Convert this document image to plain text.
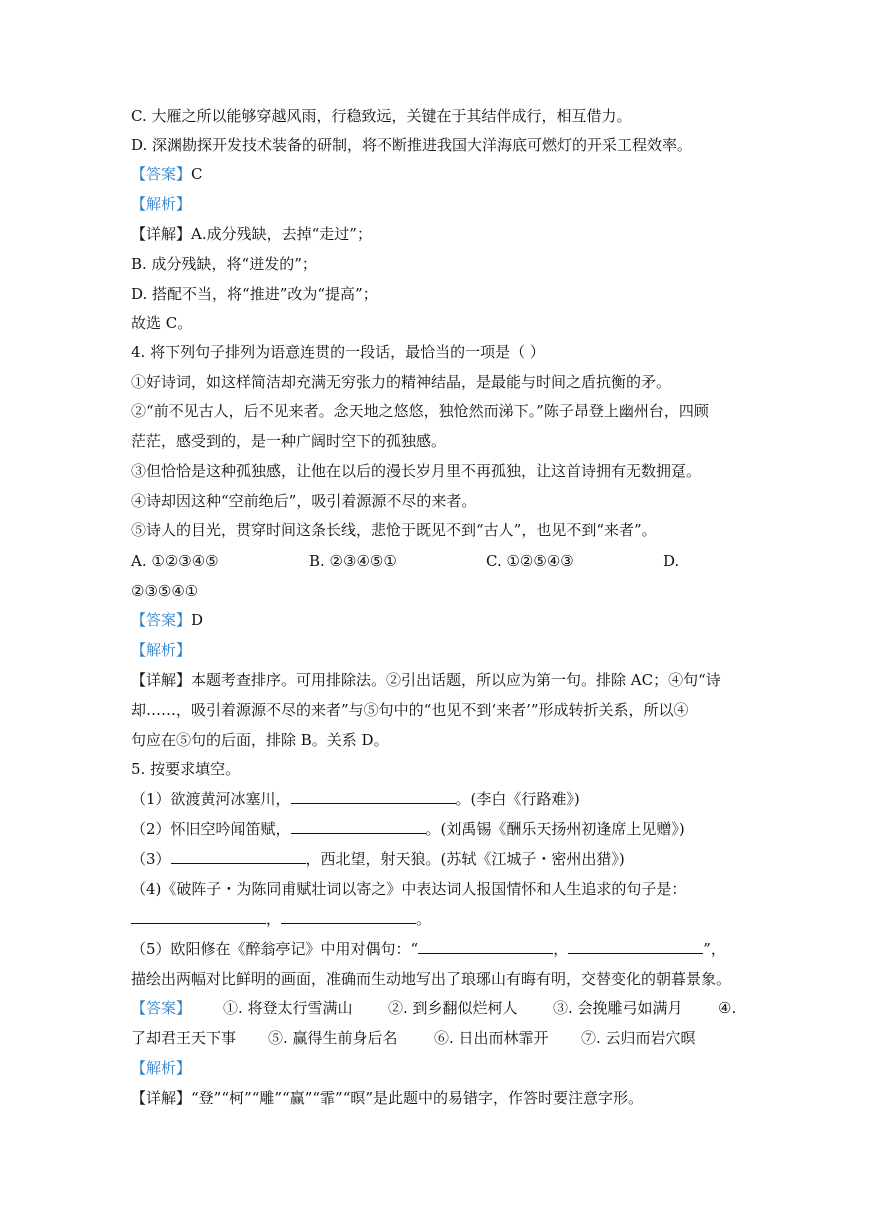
C. 大雁之所以能够穿越风雨，行稳致远，关键在于其结伴成行，相互借力。
D. 深渊勘探开发技术装备的研制，将不断推进我国大洋海底可燃灯的开采工程效率。
【答案】C
【解析】
【详解】A.成分残缺，去掉“走过”；
B. 成分残缺，将“迸发的”；
D. 搭配不当，将“推进”改为“提高”；
故选 C。
4. 将下列句子排列为语意连贯的一段话，最恰当的一项是（ ）
①好诗词，如这样简洁却充满无穷张力的精神结晶，是最能与时间之盾抗衡的矛。
②“前不见古人，后不见来者。念天地之悠悠，独怆然而涕下。”陈子昂登上幽州台，四顾
茫茫，感受到的，是一种广阔时空下的孤独感。
③但恰恰是这种孤独感，让他在以后的漫长岁月里不再孤独，让这首诗拥有无数拥趸。
④诗却因这种“空前绝后”，吸引着源源不尽的来者。
⑤诗人的目光，贯穿时间这条长线，悲怆于既见不到“古人”，也见不到“来者”。
A. ①②③④⑤	B. ②③④⑤①	C. ①②⑤④③	D.
②③⑤④①
【答案】D
【解析】
【详解】本题考查排序。可用排除法。②引出话题，所以应为第一句。排除 AC；④句“诗
却……，吸引着源源不尽的来者”与⑤句中的“也见不到‘来者’”形成转折关系，所以④
句应在⑤句的后面，排除 B。关系 D。
5. 按要求填空。
（1）欲渡黄河冰塞川，	。(李白《行路难》)
（2）怀旧空吟闻笛赋，	。(刘禹锡《酬乐天扬州初逢席上见赠》)
（3）	，西北望，射天狼。(苏轼《江城子・密州出猎》)
（4)《破阵子・为陈同甫赋壮词以寄之》中表达词人报国情怀和人生追求的句子是：
，	。
（5）欧阳修在《醉翁亭记》中用对偶句：“	，	”，
描绘出两幅对比鲜明的画面，准确而生动地写出了琅琊山有晦有明，交替变化的朝暮景象。
【答案】 ①. 将登太行雪满山 ②. 到乡翻似烂柯人 ③. 会挽雕弓如满月 ④.
了却君王天下事 ⑤. 赢得生前身后名 ⑥. 日出而林霏开 ⑦. 云归而岩穴暝
【解析】
【详解】“登”“柯”“雕”“赢”“霏”“暝”是此题中的易错字，作答时要注意字形。
